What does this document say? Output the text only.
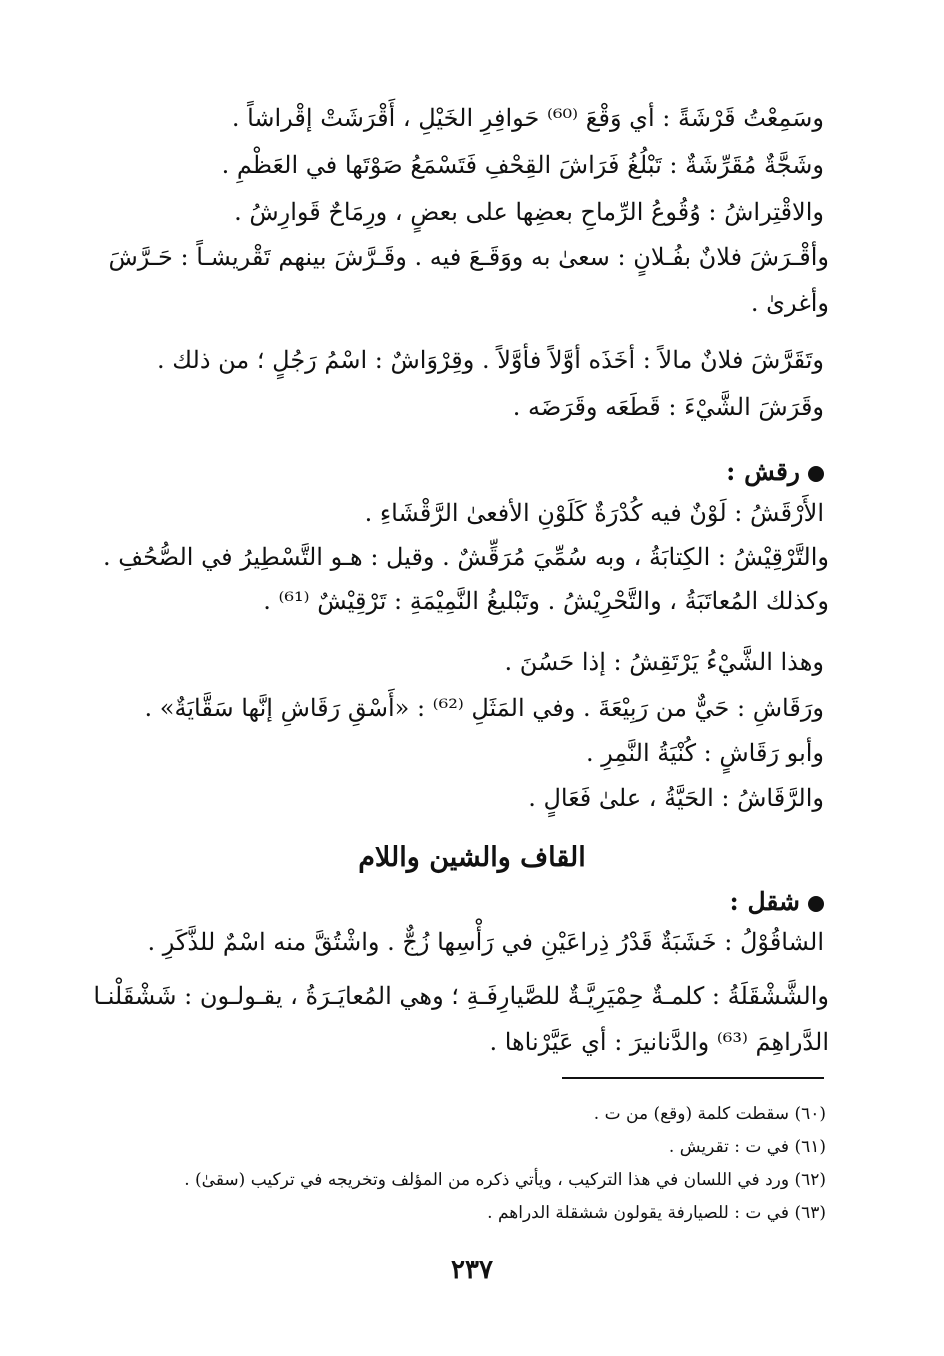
وسَمِعْتُ قَرْشَةً : أي وَقْعَ ⁽⁶⁰⁾ حَوافِرِ الخَيْلِ ، أَقْرَشَتْ إقْراشاً .
وشَجَّةٌ مُقَرِّشَةٌ : تَبْلُغُ فَرَاشَ القِحْفِ فَتَسْمَعُ صَوْتَها في العَظْمِ .
والاقْتِراشُ : وُقُوعُ الرِّماحِ بعضِها على بعضٍ ، ورِمَاحٌ قَوارِشُ .
وأقْـرَشَ فلانٌ بفُـلانٍ : سعىٰ به ووَقَـعَ فيه . وقَـرَّشَ بينهم تَقْريشـاً : حَـرَّشَ
وأغرىٰ .
وتَقَرَّشَ فلانٌ مالاً : أخَذَه أوَّلاً فأوَّلاً . وقِرْوَاشٌ : اسْمُ رَجُلٍ ؛ من ذلك .
وقَرَشَ الشَّيْءَ : قَطَعَه وقَرَضَه .
رقش :
الأَرْقَشُ : لَوْنٌ فيه كُدْرَةٌ كَلَوْنِ الأفعىٰ الرَّقْشَاءِ .
والتَّرْقِيْشُ : الكِتابَةُ ، وبه سُمِّيَ مُرَقِّشٌ . وقيل : هـو التَّسْطِيرُ في الصُّحُفِ .
وكذلك المُعاتَبَةُ ، والتَّحْرِيْشُ . وتَبْليغُ النَّمِيْمَةِ : تَرْقِيْشٌ ⁽⁶¹⁾ .
وهذا الشَّيْءُ يَرْتَقِشُ : إذا حَسُنَ .
ورَقَاشِ : حَيٌّ من رَبِيْعَةَ . وفي المَثَلِ ⁽⁶²⁾ : «أَسْقِ رَقَاشِ إنَّها سَقَّايَةٌ» .
وأبو رَقَاشٍ : كُنْيَةُ النَّمِرِ .
والرَّقَاشُ : الحَيَّةُ ، علىٰ فَعَالٍ .
القاف والشين واللام
شقل :
الشاقُوْلُ : خَشَبَةٌ قَدْرُ ذِراعَيْنِ في رَأْسِها زُجٌّ . واشْتُقَّ منه اسْمٌ للذَّكَرِ .
والشَّشْقَلَةُ : كلمـةٌ حِمْيَرِيَّـةٌ للصَّيارِفَـةِ ؛ وهي المُعايَـرَةُ ، يقـولـون : شَشْقَلْنـا
الدَّراهِمَ ⁽⁶³⁾ والدَّنانيرَ : أي عَيَّرْناها .
(٦٠) سقطت كلمة (وقع) من ت .
(٦١) في ت : تقريش .
(٦٢) ورد في اللسان في هذا التركيب ، ويأتي ذكره من المؤلف وتخريجه في تركيب (سقىٰ) .
(٦٣) في ت : للصيارفة يقولون ششقلة الدراهم .
٢٣٧
